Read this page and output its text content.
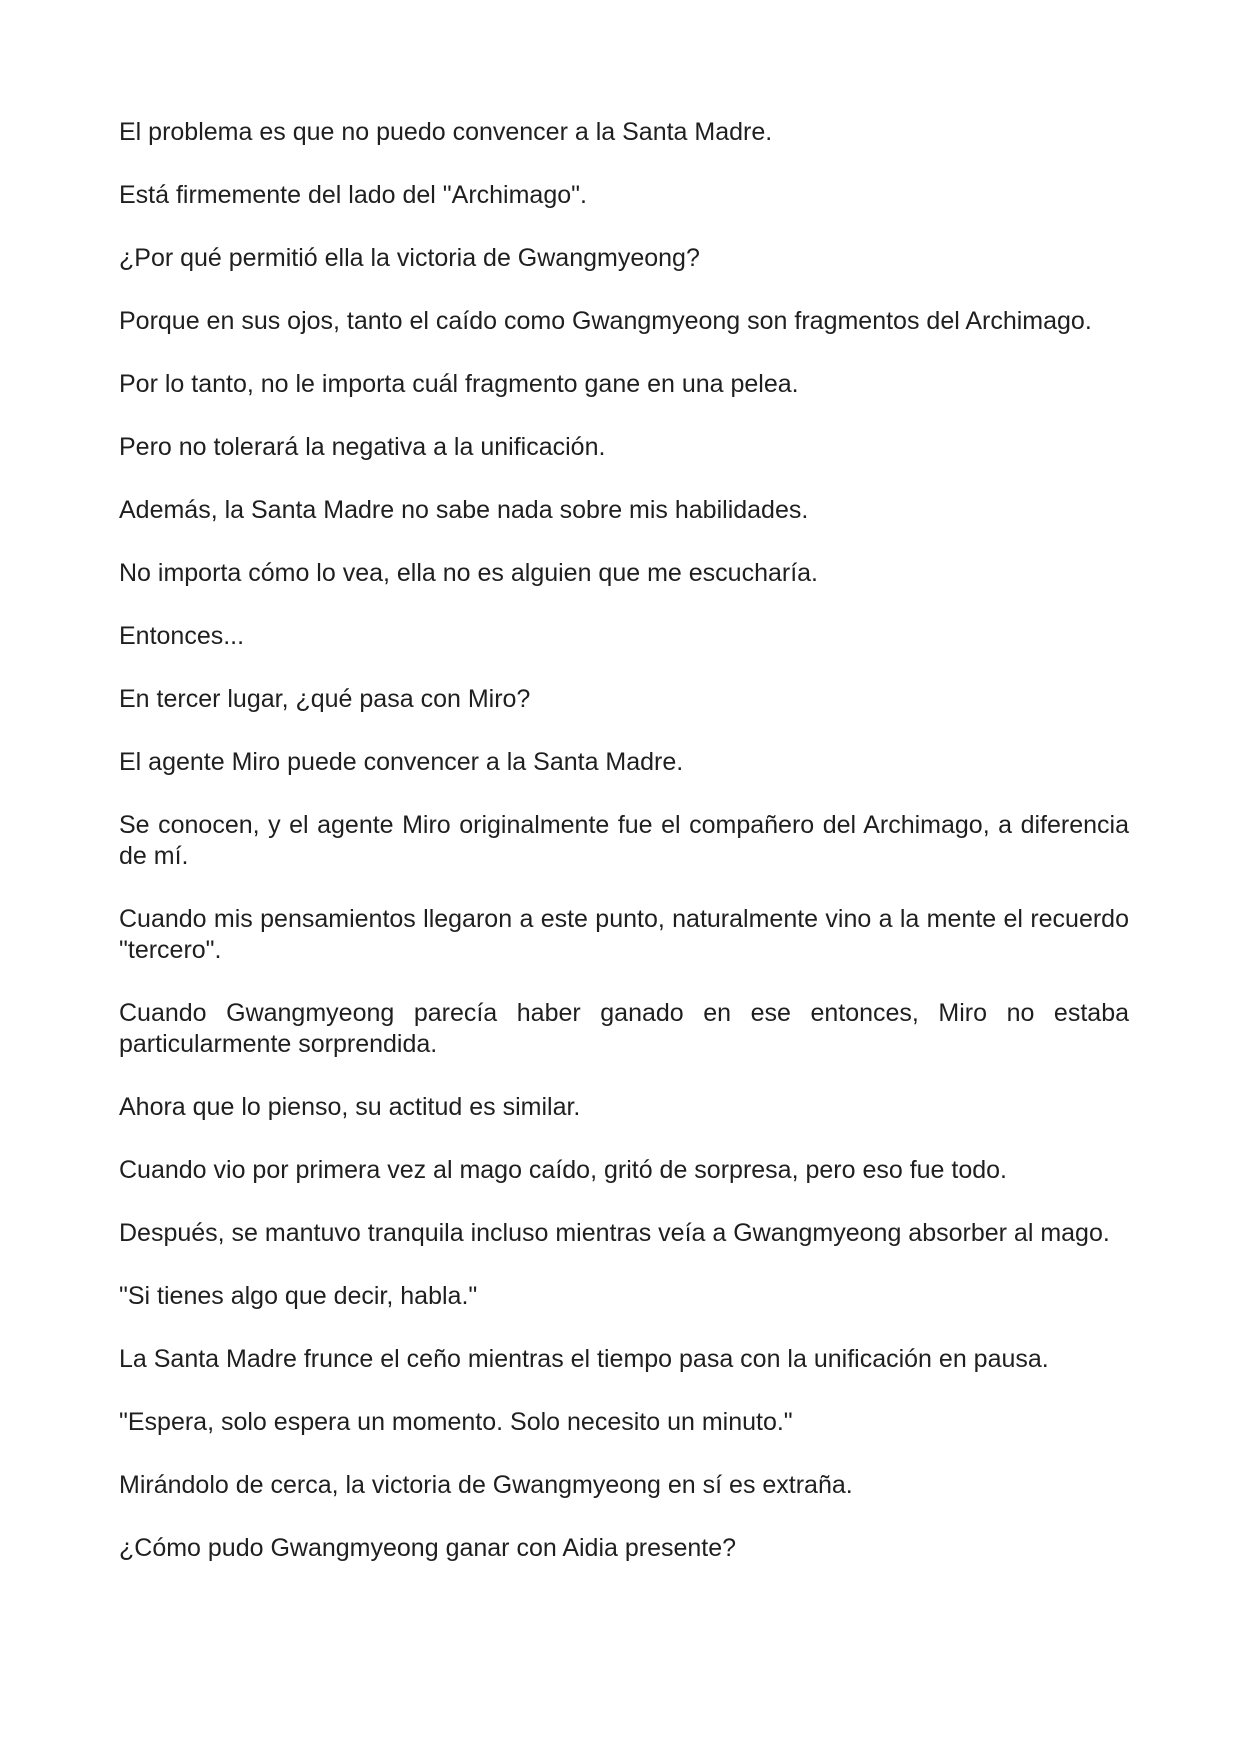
El problema es que no puedo convencer a la Santa Madre.

Está firmemente del lado del "Archimago".

¿Por qué permitió ella la victoria de Gwangmyeong?

Porque en sus ojos, tanto el caído como Gwangmyeong son fragmentos del Archimago.

Por lo tanto, no le importa cuál fragmento gane en una pelea.

Pero no tolerará la negativa a la unificación.

Además, la Santa Madre no sabe nada sobre mis habilidades.

No importa cómo lo vea, ella no es alguien que me escucharía.

Entonces...

En tercer lugar, ¿qué pasa con Miro?

El agente Miro puede convencer a la Santa Madre.

Se conocen, y el agente Miro originalmente fue el compañero del Archimago, a diferencia de mí.

Cuando mis pensamientos llegaron a este punto, naturalmente vino a la mente el recuerdo "tercero".

Cuando Gwangmyeong parecía haber ganado en ese entonces, Miro no estaba particularmente sorprendida.

Ahora que lo pienso, su actitud es similar.

Cuando vio por primera vez al mago caído, gritó de sorpresa, pero eso fue todo.

Después, se mantuvo tranquila incluso mientras veía a Gwangmyeong absorber al mago.

"Si tienes algo que decir, habla."

La Santa Madre frunce el ceño mientras el tiempo pasa con la unificación en pausa.

"Espera, solo espera un momento. Solo necesito un minuto."

Mirándolo de cerca, la victoria de Gwangmyeong en sí es extraña.

¿Cómo pudo Gwangmyeong ganar con Aidia presente?
